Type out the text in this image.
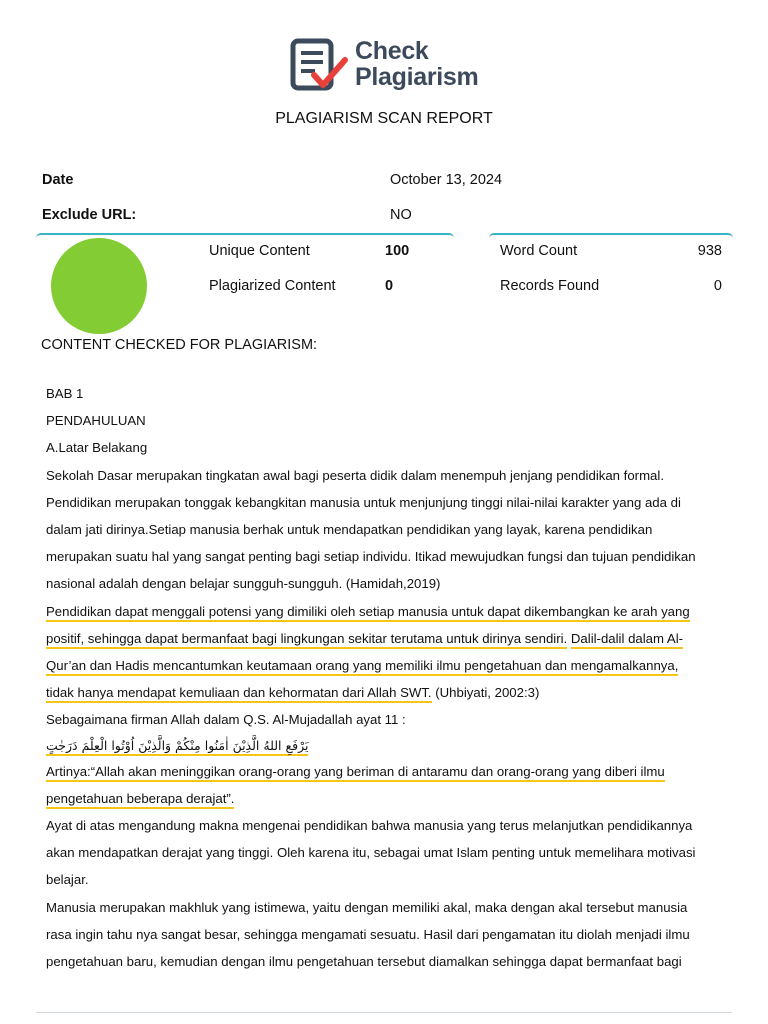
Check
Plagiarism
PLAGIARISM SCAN REPORT
Date	October 13, 2024
Exclude URL:	NO
Unique Content	100
Plagiarized Content	0
Word Count	938
Records Found	0
CONTENT CHECKED FOR PLAGIARISM:

BAB 1

PENDAHULUAN

A.Latar Belakang

Sekolah Dasar merupakan tingkatan awal bagi peserta didik dalam menempuh jenjang pendidikan formal.

Pendidikan merupakan tonggak kebangkitan manusia untuk menjunjung tinggi nilai-nilai karakter yang ada di

dalam jati dirinya.Setiap manusia berhak untuk mendapatkan pendidikan yang layak, karena pendidikan

merupakan suatu hal yang sangat penting bagi setiap individu. Itikad mewujudkan fungsi dan tujuan pendidikan

nasional adalah dengan belajar sungguh-sungguh. (Hamidah,2019)

Pendidikan dapat menggali potensi yang dimiliki oleh setiap manusia untuk dapat dikembangkan ke arah yang

positif, sehingga dapat bermanfaat bagi lingkungan sekitar terutama untuk dirinya sendiri. Dalil-dalil dalam Al-

Qur’an dan Hadis mencantumkan keutamaan orang yang memiliki ilmu pengetahuan dan mengamalkannya,

tidak hanya mendapat kemuliaan dan kehormatan dari Allah SWT. (Uhbiyati, 2002:3)

Sebagaimana firman Allah dalam Q.S. Al-Mujadallah ayat 11 :

يَرْفَعِ اللهُ الَّذِيْنَ اٰمَنُوا مِنْكُمْ وَالَّذِيْنَ اُوْتُوا الْعِلْمَ دَرَجٰتٍ

Artinya:“Allah akan meninggikan orang-orang yang beriman di antaramu dan orang-orang yang diberi ilmu

pengetahuan beberapa derajat”.

Ayat di atas mengandung makna mengenai pendidikan bahwa manusia yang terus melanjutkan pendidikannya

akan mendapatkan derajat yang tinggi. Oleh karena itu, sebagai umat Islam penting untuk memelihara motivasi

belajar.

Manusia merupakan makhluk yang istimewa, yaitu dengan memiliki akal, maka dengan akal tersebut manusia

rasa ingin tahu nya sangat besar, sehingga mengamati sesuatu. Hasil dari pengamatan itu diolah menjadi ilmu

pengetahuan baru, kemudian dengan ilmu pengetahuan tersebut diamalkan sehingga dapat bermanfaat bagi
